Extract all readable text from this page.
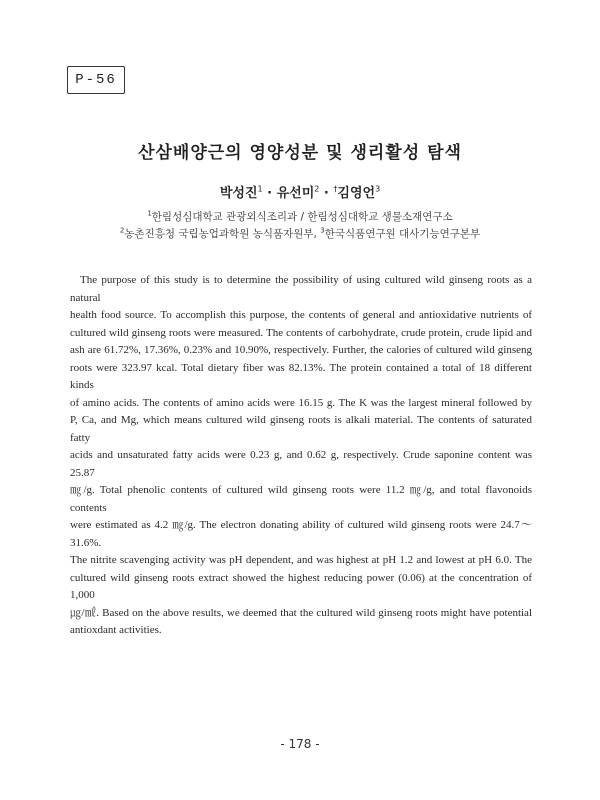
P-56
산삼배양근의 영양성분 및 생리활성 탐색
박성진$^1$ · 유선미$^2$ · †김영언$^3$
$^1$한림성심대학교 관광외식조리과 / 한림성심대학교 생물소재연구소
$^2$농촌진흥청 국립농업과학원 농식품자원부, $^3$한국식품연구원 대사기능연구본부
The purpose of this study is to determine the possibility of using cultured wild ginseng roots as a natural
health food source. To accomplish this purpose, the contents of general and antioxidative nutrients of
cultured wild ginseng roots were measured. The contents of carbohydrate, crude protein, crude lipid and
ash are 61.72%, 17.36%, 0.23% and 10.90%, respectively. Further, the calories of cultured wild ginseng
roots were 323.97 kcal. Total dietary fiber was 82.13%. The protein contained a total of 18 different kinds
of amino acids. The contents of amino acids were 16.15 g. The K was the largest mineral followed by
P, Ca, and Mg, which means cultured wild ginseng roots is alkali material. The contents of saturated fatty
acids and unsaturated fatty acids were 0.23 g, and 0.62 g, respectively. Crude saponine content was 25.87
㎎/g. Total phenolic contents of cultured wild ginseng roots were 11.2 ㎎/g, and total flavonoids contents
were estimated as 4.2 ㎎/g. The electron donating ability of cultured wild ginseng roots were 24.7～31.6%.
The nitrite scavenging activity was pH dependent, and was highest at pH 1.2 and lowest at pH 6.0. The
cultured wild ginseng roots extract showed the highest reducing power (0.06) at the concentration of 1,000
㎍/㎖. Based on the above results, we deemed that the cultured wild ginseng roots might have potential
antioxdant activities.
- 178 -
